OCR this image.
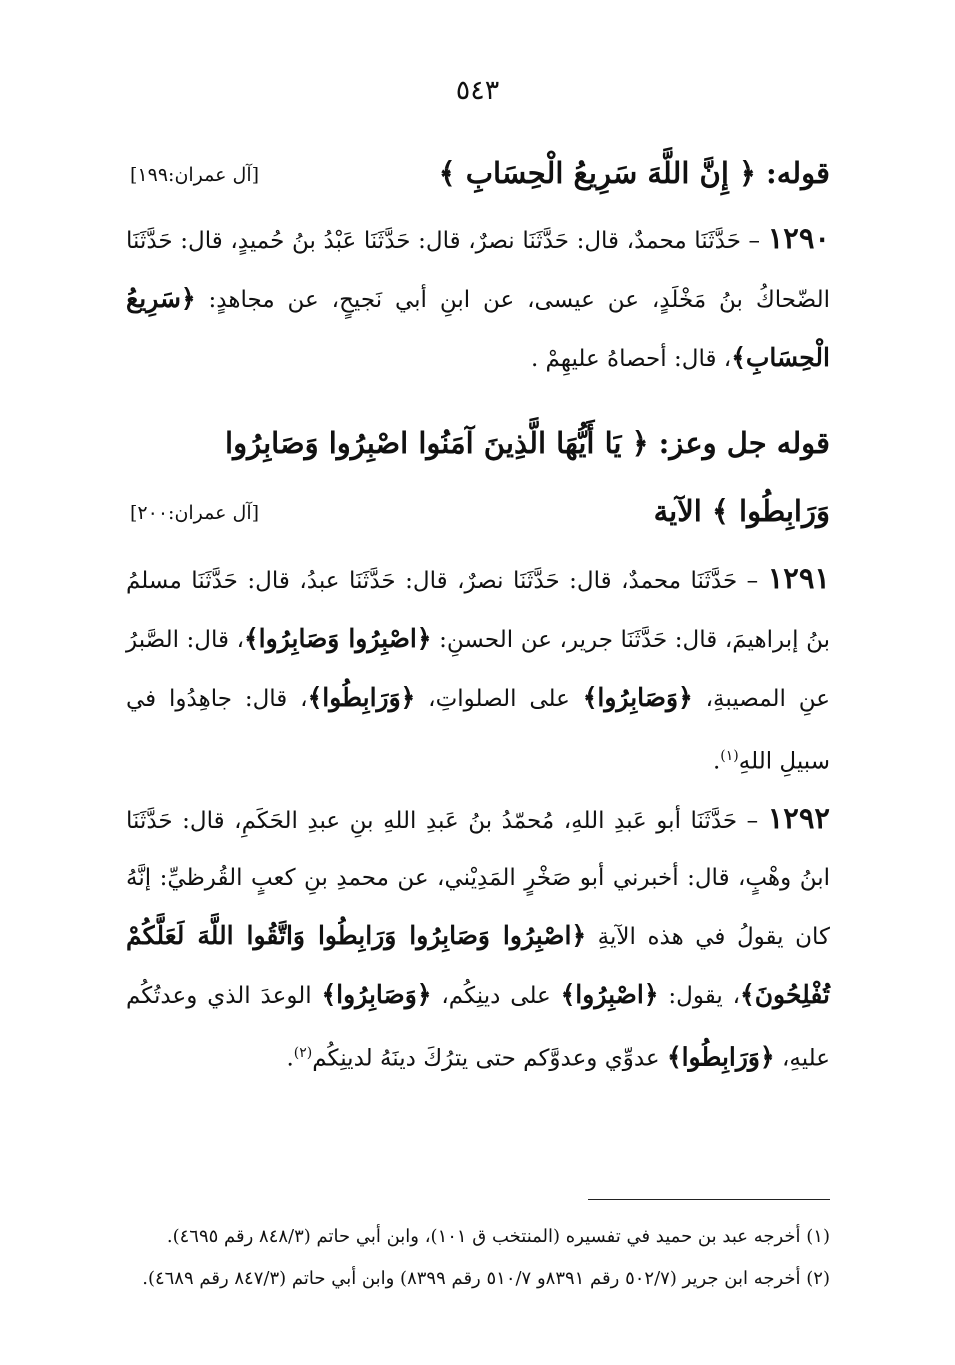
٥٤٣
قوله: ﴿ إِنَّ اللَّهَ سَرِيعُ الْحِسَابِ ﴾
[آل عمران:١٩٩]

١٢٩٠ – حَدَّثَنَا محمدٌ، قال: حَدَّثَنَا نصرٌ، قال: حَدَّثَنَا عَبْدُ بنُ حُميدٍ، قال: حَدَّثَنَا الضّحاكُ بنُ مَخْلَدٍ، عن عيسى، عن ابنِ أبي نَجيحٍ، عن مجاهدٍ: ﴿سَرِيعُ الْحِسَابِ﴾، قال: أحصاهُ عليهِمْ .

قوله جل وعز: ﴿ يَا أَيُّهَا الَّذِينَ آمَنُوا اصْبِرُوا وَصَابِرُوا
وَرَابِطُوا ﴾ الآية
[آل عمران:٢٠٠]

١٢٩١ – حَدَّثَنَا محمدٌ، قال: حَدَّثَنَا نصرٌ، قال: حَدَّثَنَا عبدُ، قال: حَدَّثَنَا مسلمُ بنُ إبراهيمَ، قال: حَدَّثَنَا جرير، عن الحسنِ: ﴿اصْبِرُوا وَصَابِرُوا﴾، قال: الصَّبرُ عنِ المصيبةِ، ﴿وَصَابِرُوا﴾ على الصلواتِ، ﴿وَرَابِطُوا﴾، قال: جاهِدُوا في سبيلِ اللهِ$^{(١)}$.

١٢٩٢ – حَدَّثَنَا أبو عَبدِ اللهِ، مُحمّدُ بنُ عَبدِ اللهِ بنِ عبدِ الحَكَمِ، قال: حَدَّثَنَا ابنُ وهْبٍ، قال: أخبرني أبو صَخْرٍ المَدِيْني، عن محمدِ بنِ كعبٍ القُرظيِّ: إنَّهُ كان يقولُ في هذه الآيةِ ﴿اصْبِرُوا وَصَابِرُوا وَرَابِطُوا وَاتَّقُوا اللَّهَ لَعَلَّكُمْ تُفْلِحُونَ﴾، يقول: ﴿اصْبِرُوا﴾ على دينِكُم، ﴿وَصَابِرُوا﴾ الوعدَ الذي وعدتُكُم عليهِ، ﴿وَرَابِطُوا﴾ عدوِّي وعدوَّكم حتى يترُكَ دينَهُ لدينِكُم$^{(٢)}$.

(١) أخرجه عبد بن حميد في تفسيره (المنتخب ق ١٠١)، وابن أبي حاتم (٨٤٨/٣ رقم ٤٦٩٥).

(٢) أخرجه ابن جرير (٥٠٢/٧ رقم ٨٣٩١و ٥١٠/٧ رقم ٨٣٩٩) وابن أبي حاتم (٨٤٧/٣ رقم ٤٦٨٩).
